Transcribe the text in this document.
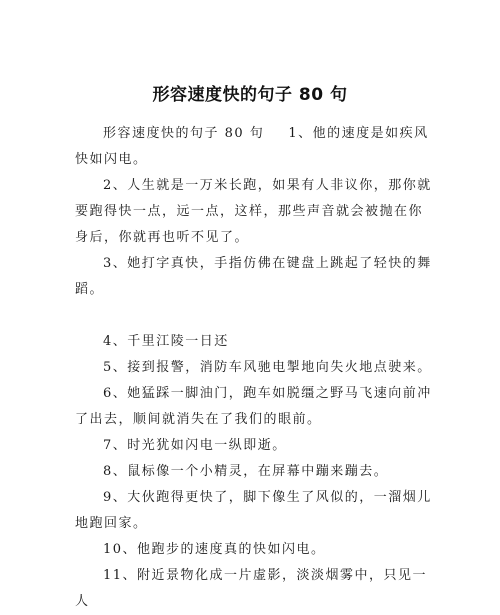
形容速度快的句子 80 句

形容速度快的句子 80 句 1、他的速度是如疾风快如闪电。

2、人生就是一万米长跑，如果有人非议你，那你就要跑得快一点，远一点，这样，那些声音就会被抛在你身后，你就再也听不见了。

3、她打字真快，手指仿佛在键盘上跳起了轻快的舞蹈。

4、千里江陵一日还

5、接到报警，消防车风驰电掣地向失火地点驶来。

6、她猛踩一脚油门，跑车如脱缰之野马飞速向前冲了出去，顺间就消失在了我们的眼前。

7、时光犹如闪电一纵即逝。

8、鼠标像一个小精灵，在屏幕中蹦来蹦去。

9、大伙跑得更快了，脚下像生了风似的，一溜烟儿地跑回家。

10、他跑步的速度真的快如闪电。

11、附近景物化成一片虚影，淡淡烟雾中，只见一人
